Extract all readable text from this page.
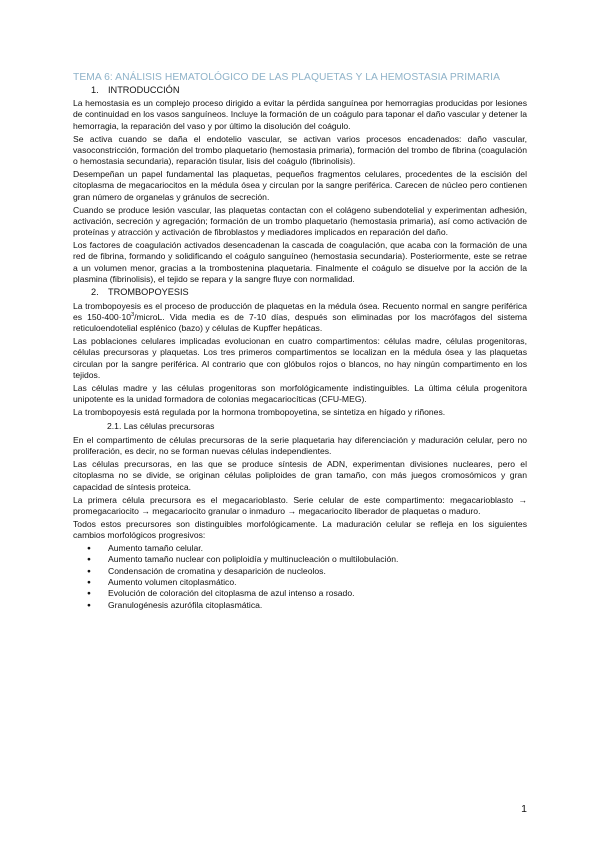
TEMA 6: ANÁLISIS HEMATOLÓGICO DE LAS PLAQUETAS Y LA HEMOSTASIA PRIMARIA
1. INTRODUCCIÓN

La hemostasia es un complejo proceso dirigido a evitar la pérdida sanguínea por hemorragias producidas por lesiones de continuidad en los vasos sanguíneos. Incluye la formación de un coágulo para taponar el daño vascular y detener la hemorragia, la reparación del vaso y por último la disolución del coágulo.

Se activa cuando se daña el endotelio vascular, se activan varios procesos encadenados: daño vascular, vasoconstricción, formación del trombo plaquetario (hemostasia primaria), formación del trombo de fibrina (coagulación o hemostasia secundaria), reparación tisular, lisis del coágulo (fibrinolisis).

Desempeñan un papel fundamental las plaquetas, pequeños fragmentos celulares, procedentes de la escisión del citoplasma de megacariocitos en la médula ósea y circulan por la sangre periférica. Carecen de núcleo pero contienen gran número de organelas y gránulos de secreción.

Cuando se produce lesión vascular, las plaquetas contactan con el colágeno subendotelial y experimentan adhesión, activación, secreción y agregación; formación de un trombo plaquetario (hemostasia primaria), así como activación de proteínas y atracción y activación de fibroblastos y mediadores implicados en reparación del daño.

Los factores de coagulación activados desencadenan la cascada de coagulación, que acaba con la formación de una red de fibrina, formando y solidificando el coágulo sanguíneo (hemostasia secundaria). Posteriormente, este se retrae a un volumen menor, gracias a la trombostenina plaquetaria. Finalmente el coágulo se disuelve por la acción de la plasmina (fibrinolisis), el tejido se repara y la sangre fluye con normalidad.

2. TROMBOPOYESIS

La trombopoyesis es el proceso de producción de plaquetas en la médula ósea. Recuento normal en sangre periférica es $150-400\cdot 10^3$/microL. Vida media es de 7-10 días, después son eliminadas por los macrófagos del sistema reticuloendotelial esplénico (bazo) y células de Kupffer hepáticas.

Las poblaciones celulares implicadas evolucionan en cuatro compartimentos: células madre, células progenitoras, células precursoras y plaquetas. Los tres primeros compartimentos se localizan en la médula ósea y las plaquetas circulan por la sangre periférica. Al contrario que con glóbulos rojos o blancos, no hay ningún compartimento en los tejidos.

Las células madre y las células progenitoras son morfológicamente indistinguibles. La última célula progenitora unipotente es la unidad formadora de colonias megacariocíticas (CFU-MEG).

La trombopoyesis está regulada por la hormona trombopoyetina, se sintetiza en hígado y riñones.

2.1. Las células precursoras

En el compartimento de células precursoras de la serie plaquetaria hay diferenciación y maduración celular, pero no proliferación, es decir, no se forman nuevas células independientes.

Las células precursoras, en las que se produce síntesis de ADN, experimentan divisiones nucleares, pero el citoplasma no se divide, se originan células poliploides de gran tamaño, con más juegos cromosómicos y gran capacidad de síntesis proteica.

La primera célula precursora es el megacarioblasto. Serie celular de este compartimento: megacarioblasto → promegacariocito → megacariocito granular o inmaduro → megacariocito liberador de plaquetas o maduro.

Todos estos precursores son distinguibles morfológicamente. La maduración celular se refleja en los siguientes cambios morfológicos progresivos:

● Aumento tamaño celular.
● Aumento tamaño nuclear con poliploidía y multinucleación o multilobulación.
● Condensación de cromatina y desaparición de nucleolos.
● Aumento volumen citoplasmático.
● Evolución de coloración del citoplasma de azul intenso a rosado.
● Granulogénesis azurófila citoplasmática.
1
